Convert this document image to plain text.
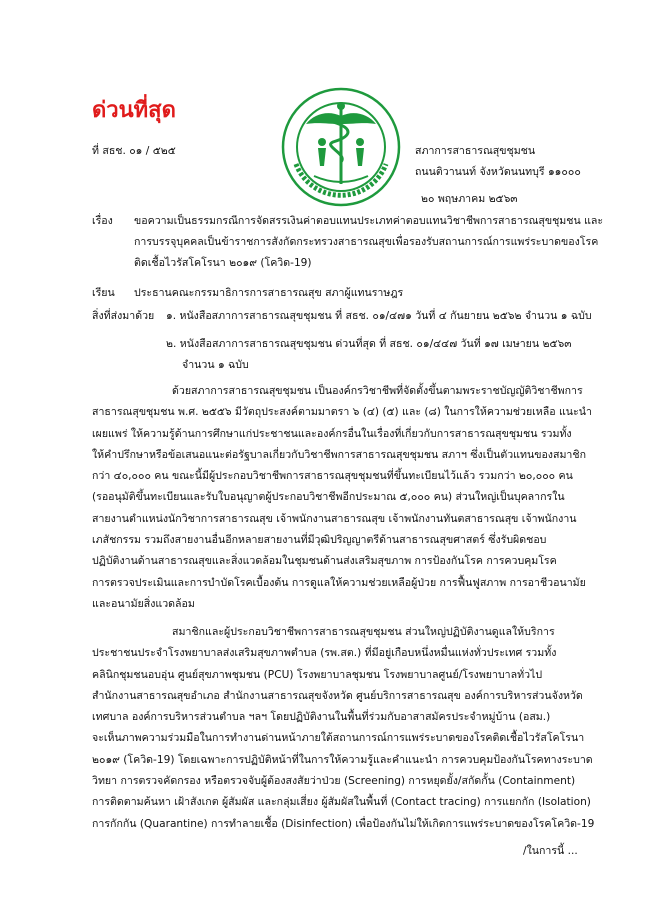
ด่วนที่สุด
ที่ สธช. ๐๑ / ๕๒๕	สภาการสาธารณสุขชุมชน
ถนนติวานนท์ จังหวัดนนทบุรี ๑๑๐๐๐
๒๐ พฤษภาคม ๒๕๖๓
เรื่อง ขอความเป็นธรรมกรณีการจัดสรรเงินค่าตอบแทนประเภทค่าตอบแทนวิชาชีพการสาธารณสุขชุมชน และ
การบรรจุบุคคลเป็นข้าราชการสังกัดกระทรวงสาธารณสุขเพื่อรองรับสถานการณ์การแพร่ระบาดของโรค
ติดเชื้อไวรัสโคโรนา ๒๐๑๙ (โควิด-19)
เรียน ประธานคณะกรรมาธิการการสาธารณสุข สภาผู้แทนราษฎร
สิ่งที่ส่งมาด้วย ๑. หนังสือสภาการสาธารณสุขชุมชน ที่ สธช. ๐๑/๔๗๑ วันที่ ๔ กันยายน ๒๕๖๒ จำนวน ๑ ฉบับ
๒. หนังสือสภาการสาธารณสุขชุมชน ด่วนที่สุด ที่ สธช. ๐๑/๔๔๗ วันที่ ๑๗ เมษายน ๒๕๖๓
จำนวน ๑ ฉบับ
ด้วยสภาการสาธารณสุขชุมชน เป็นองค์กรวิชาชีพที่จัดตั้งขึ้นตามพระราชบัญญัติวิชาชีพการ
สาธารณสุขชุมชน พ.ศ. ๒๕๕๖ มีวัตถุประสงค์ตามมาตรา ๖ (๔) (๕) และ (๘) ในการให้ความช่วยเหลือ แนะนำ
เผยแพร่ ให้ความรู้ด้านการศึกษาแก่ประชาชนและองค์กรอื่นในเรื่องที่เกี่ยวกับการสาธารณสุขชุมชน รวมทั้ง
ให้คำปรึกษาหรือข้อเสนอแนะต่อรัฐบาลเกี่ยวกับวิชาชีพการสาธารณสุขชุมชน สภาฯ ซึ่งเป็นตัวแทนของสมาชิก
กว่า ๔๐,๐๐๐ คน ขณะนี้มีผู้ประกอบวิชาชีพการสาธารณสุขชุมชนที่ขึ้นทะเบียนไว้แล้ว รวมกว่า ๒๐,๐๐๐ คน
(รออนุมัติขึ้นทะเบียนและรับใบอนุญาตผู้ประกอบวิชาชีพอีกประมาณ ๕,๐๐๐ คน) ส่วนใหญ่เป็นบุคลากรใน
สายงานตำแหน่งนักวิชาการสาธารณสุข เจ้าพนักงานสาธารณสุข เจ้าพนักงานทันตสาธารณสุข เจ้าพนักงาน
เภสัชกรรม รวมถึงสายงานอื่นอีกหลายสายงานที่มีวุฒิปริญญาตรีด้านสาธารณสุขศาสตร์ ซึ่งรับผิดชอบ
ปฏิบัติงานด้านสาธารณสุขและสิ่งแวดล้อมในชุมชนด้านส่งเสริมสุขภาพ การป้องกันโรค การควบคุมโรค
การตรวจประเมินและการบำบัดโรคเบื้องต้น การดูแลให้ความช่วยเหลือผู้ป่วย การฟื้นฟูสภาพ การอาชีวอนามัย
และอนามัยสิ่งแวดล้อม
สมาชิกและผู้ประกอบวิชาชีพการสาธารณสุขชุมชน ส่วนใหญ่ปฏิบัติงานดูแลให้บริการ
ประชาชนประจำโรงพยาบาลส่งเสริมสุขภาพตำบล (รพ.สต.) ที่มีอยู่เกือบหนึ่งหมื่นแห่งทั่วประเทศ รวมทั้ง
คลินิกชุมชนอบอุ่น ศูนย์สุขภาพชุมชน (PCU) โรงพยาบาลชุมชน โรงพยาบาลศูนย์/โรงพยาบาลทั่วไป
สำนักงานสาธารณสุขอำเภอ สำนักงานสาธารณสุขจังหวัด ศูนย์บริการสาธารณสุข องค์การบริหารส่วนจังหวัด
เทศบาล องค์การบริหารส่วนตำบล ฯลฯ โดยปฏิบัติงานในพื้นที่ร่วมกับอาสาสมัครประจำหมู่บ้าน (อสม.)
จะเห็นภาพความร่วมมือในการทำงานด่านหน้าภายใต้สถานการณ์การแพร่ระบาดของโรคติดเชื้อไวรัสโคโรนา
๒๐๑๙ (โควิด-19) โดยเฉพาะการปฏิบัติหน้าที่ในการให้ความรู้และคำแนะนำ การควบคุมป้องกันโรคทางระบาด
วิทยา การตรวจคัดกรอง หรือตรวจจับผู้ต้องสงสัยว่าป่วย (Screening) การหยุดยั้ง/สกัดกั้น (Containment)
การติดตามค้นหา เฝ้าสังเกต ผู้สัมผัส และกลุ่มเสี่ยง ผู้สัมผัสในพื้นที่ (Contact tracing) การแยกกัก (Isolation)
การกักกัน (Quarantine) การทำลายเชื้อ (Disinfection) เพื่อป้องกันไม่ให้เกิดการแพร่ระบาดของโรคโควิด-19
/ในการนี้ ...
